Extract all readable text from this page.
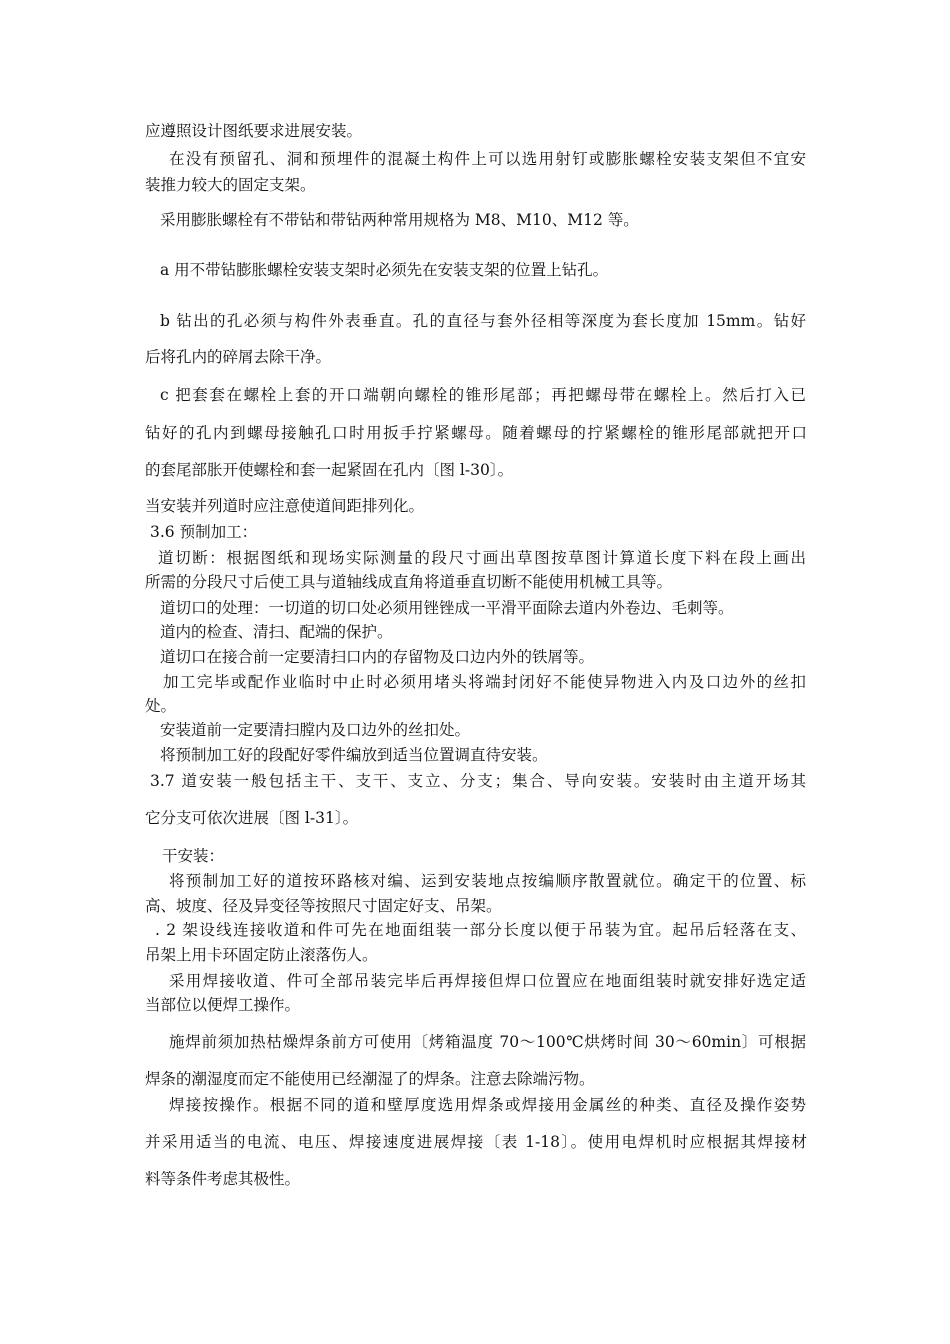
应遵照设计图纸要求进展安装。
在没有预留孔、洞和预埋件的混凝土构件上可以选用射钉或膨胀螺栓安装支架但不宜安
装推力较大的固定支架。
采用膨胀螺栓有不带钻和带钻两种常用规格为 M8、M10、M12 等。
a 用不带钻膨胀螺栓安装支架时必须先在安装支架的位置上钻孔。
b 钻出的孔必须与构件外表垂直。孔的直径与套外径相等深度为套长度加 15mm。钻好
后将孔内的碎屑去除干净。
c 把套套在螺栓上套的开口端朝向螺栓的锥形尾部；再把螺母带在螺栓上。然后打入已
钻好的孔内到螺母接触孔口时用扳手拧紧螺母。随着螺母的拧紧螺栓的锥形尾部就把开口
的套尾部胀开使螺栓和套一起紧固在孔内〔图 l-30〕。
当安装并列道时应注意使道间距排列化。
3.6 预制加工：
道切断：根据图纸和现场实际测量的段尺寸画出草图按草图计算道长度下料在段上画出
所需的分段尺寸后使工具与道轴线成直角将道垂直切断不能使用机械工具等。
道切口的处理：一切道的切口处必须用锉锉成一平滑平面除去道内外卷边、毛刺等。
道内的检查、清扫、配端的保护。
道切口在接合前一定要清扫口内的存留物及口边内外的铁屑等。
加工完毕或配作业临时中止时必须用堵头将端封闭好不能使异物进入内及口边外的丝扣
处。
安装道前一定要清扫膛内及口边外的丝扣处。
将预制加工好的段配好零件编放到适当位置调直待安装。
3.7 道安装一般包括主干、支干、支立、分支；集合、导向安装。安装时由主道开场其
它分支可依次进展〔图 l-31〕。
干安装：
将预制加工好的道按环路核对编、运到安装地点按编顺序散置就位。确定干的位置、标
高、坡度、径及异变径等按照尺寸固定好支、吊架。
. 2 架设线连接收道和件可先在地面组装一部分长度以便于吊装为宜。起吊后轻落在支、
吊架上用卡环固定防止滚落伤人。
采用焊接收道、件可全部吊装完毕后再焊接但焊口位置应在地面组装时就安排好选定适
当部位以便焊工操作。
施焊前须加热枯燥焊条前方可使用〔烤箱温度 70～100℃烘烤时间 30～60min〕可根据
焊条的潮湿度而定不能使用已经潮湿了的焊条。注意去除端污物。
焊接按操作。根据不同的道和壁厚度选用焊条或焊接用金属丝的种类、直径及操作姿势
并采用适当的电流、电压、焊接速度进展焊接〔表 1-18〕。使用电焊机时应根据其焊接材
料等条件考虑其极性。
